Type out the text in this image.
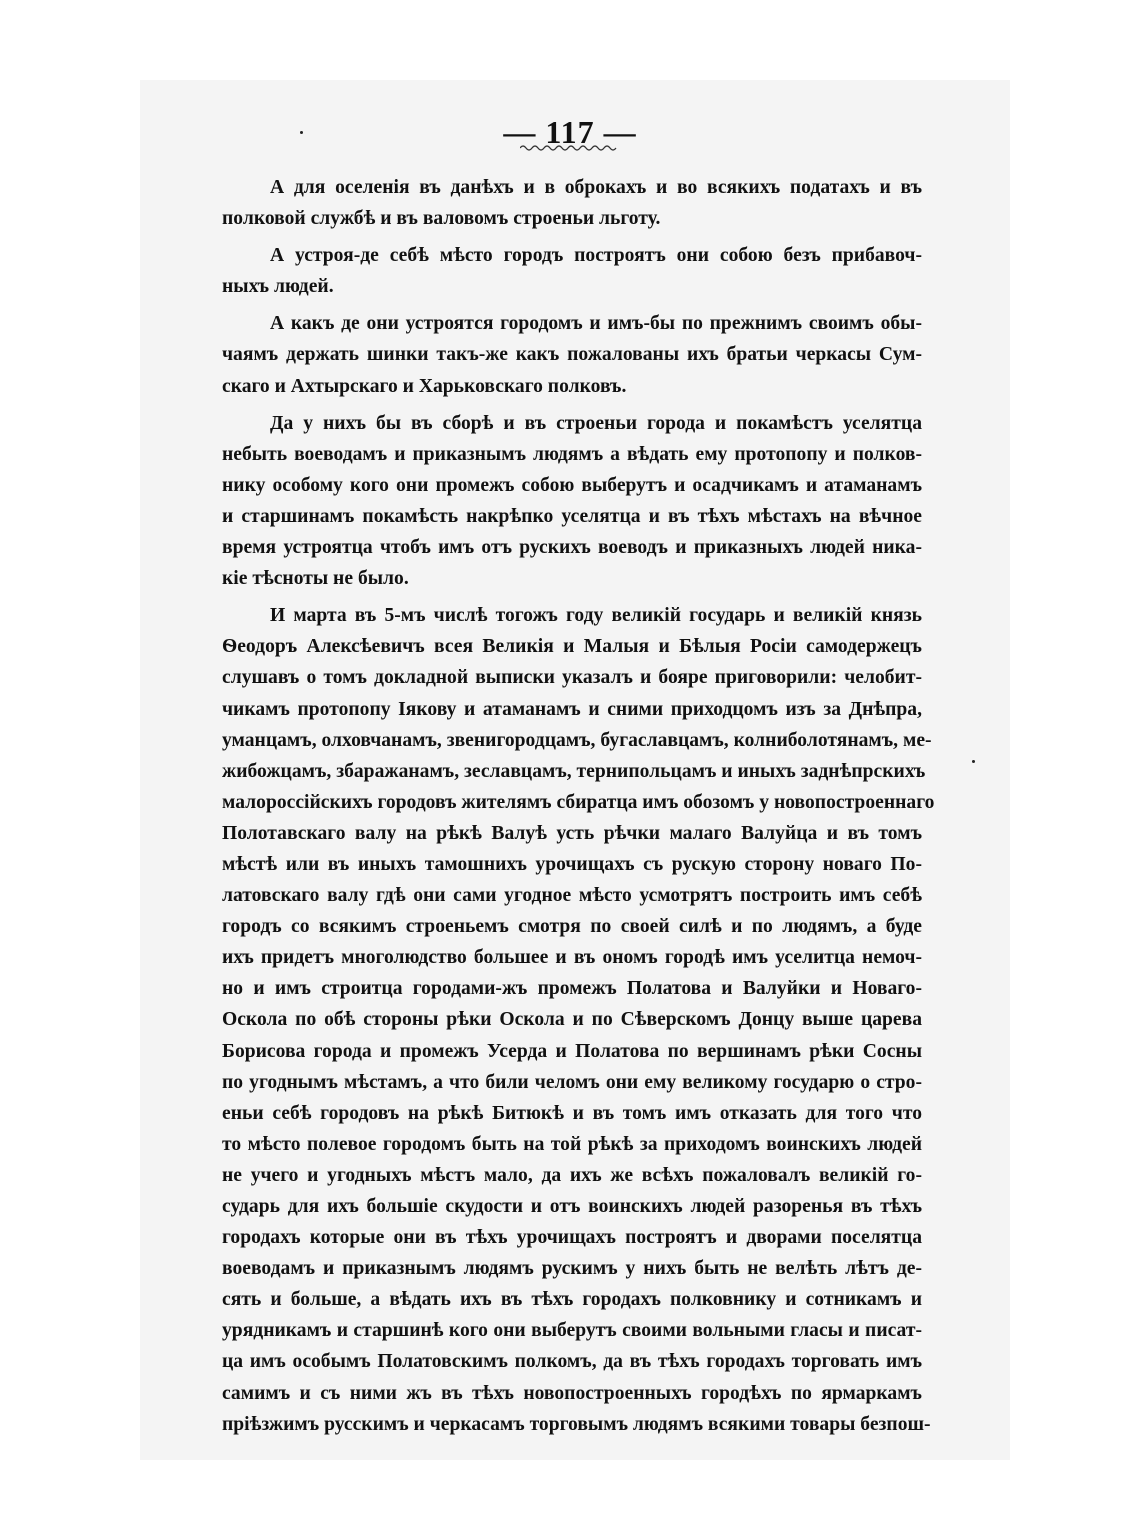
— 117 —
А для оселенія въ данѣхъ и в оброкахъ и во всякихъ податахъ и въ
полковой службѣ и въ валовомъ строеньи льготу.
А устроя-де себѣ мѣсто городъ построятъ они собою безъ прибавоч-
ныхъ людей.
А какъ де они устроятся городомъ и имъ-бы по прежнимъ своимъ обы-
чаямъ держать шинки такъ-же какъ пожалованы ихъ братьи черкасы Сум-
скаго и Ахтырскаго и Харьковскаго полковъ.
Да у нихъ бы въ сборѣ и въ строеньи города и покамѣстъ уселятца
небыть воеводамъ и приказнымъ людямъ а вѣдать ему протопопу и полков-
нику особому кого они промежъ собою выберутъ и осадчикамъ и атаманамъ
и старшинамъ покамѣсть накрѣпко уселятца и въ тѣхъ мѣстахъ на вѣчное
время устроятца чтобъ имъ отъ рускихъ воеводъ и приказныхъ людей ника-
кіе тѣсноты не было.
И марта въ 5-мъ числѣ тогожъ году великій государь и великій князь
Ѳеодоръ Алексѣевичъ всея Великія и Малыя и Бѣлыя Росіи самодержецъ
слушавъ о томъ докладной выписки указалъ и бояре приговорили: челобит-
чикамъ протопопу Іякову и атаманамъ и сними приходцомъ изъ за Днѣпра,
уманцамъ, олховчанамъ, звенигородцамъ, бугаславцамъ, колниболотянамъ, ме-
жибожцамъ, збаражанамъ, зеславцамъ, тернипольцамъ и иныхъ заднѣпрскихъ
малороссійскихъ городовъ жителямъ сбиратца имъ обозомъ у новопостроеннаго
Полотавскаго валу на рѣкѣ Валуѣ усть рѣчки малаго Валуйца и въ томъ
мѣстѣ или въ иныхъ тамошнихъ урочищахъ съ рускую сторону новаго По-
латовскаго валу гдѣ они сами угодное мѣсто усмотрятъ построить имъ себѣ
городъ со всякимъ строеньемъ смотря по своей силѣ и по людямъ, а буде
ихъ придетъ многолюдство большее и въ ономъ городѣ имъ уселитца немоч-
но и имъ строитца городами-жъ промежъ Полатова и Валуйки и Новаго-
Оскола по обѣ стороны рѣки Оскола и по Сѣверскомъ Донцу выше царева
Борисова города и промежъ Усерда и Полатова по вершинамъ рѣки Сосны
по угоднымъ мѣстамъ, а что били челомъ они ему великому государю о стро-
еньи себѣ городовъ на рѣкѣ Битюкѣ и въ томъ имъ отказать для того что
то мѣсто полевое городомъ быть на той рѣкѣ за приходомъ воинскихъ людей
не учего и угодныхъ мѣстъ мало, да ихъ же всѣхъ пожаловалъ великій го-
сударь для ихъ большіе скудости и отъ воинскихъ людей разоренья въ тѣхъ
городахъ которые они въ тѣхъ урочищахъ построятъ и дворами поселятца
воеводамъ и приказнымъ людямъ рускимъ у нихъ быть не велѣть лѣтъ де-
сять и больше, а вѣдать ихъ въ тѣхъ городахъ полковнику и сотникамъ и
урядникамъ и старшинѣ кого они выберутъ своими вольными гласы и писат-
ца имъ особымъ Полатовскимъ полкомъ, да въ тѣхъ городахъ торговать имъ
самимъ и съ ними жъ въ тѣхъ новопостроенныхъ городѣхъ по ярмаркамъ
пріѣзжимъ русскимъ и черкасамъ торговымъ людямъ всякими товары безпош-
